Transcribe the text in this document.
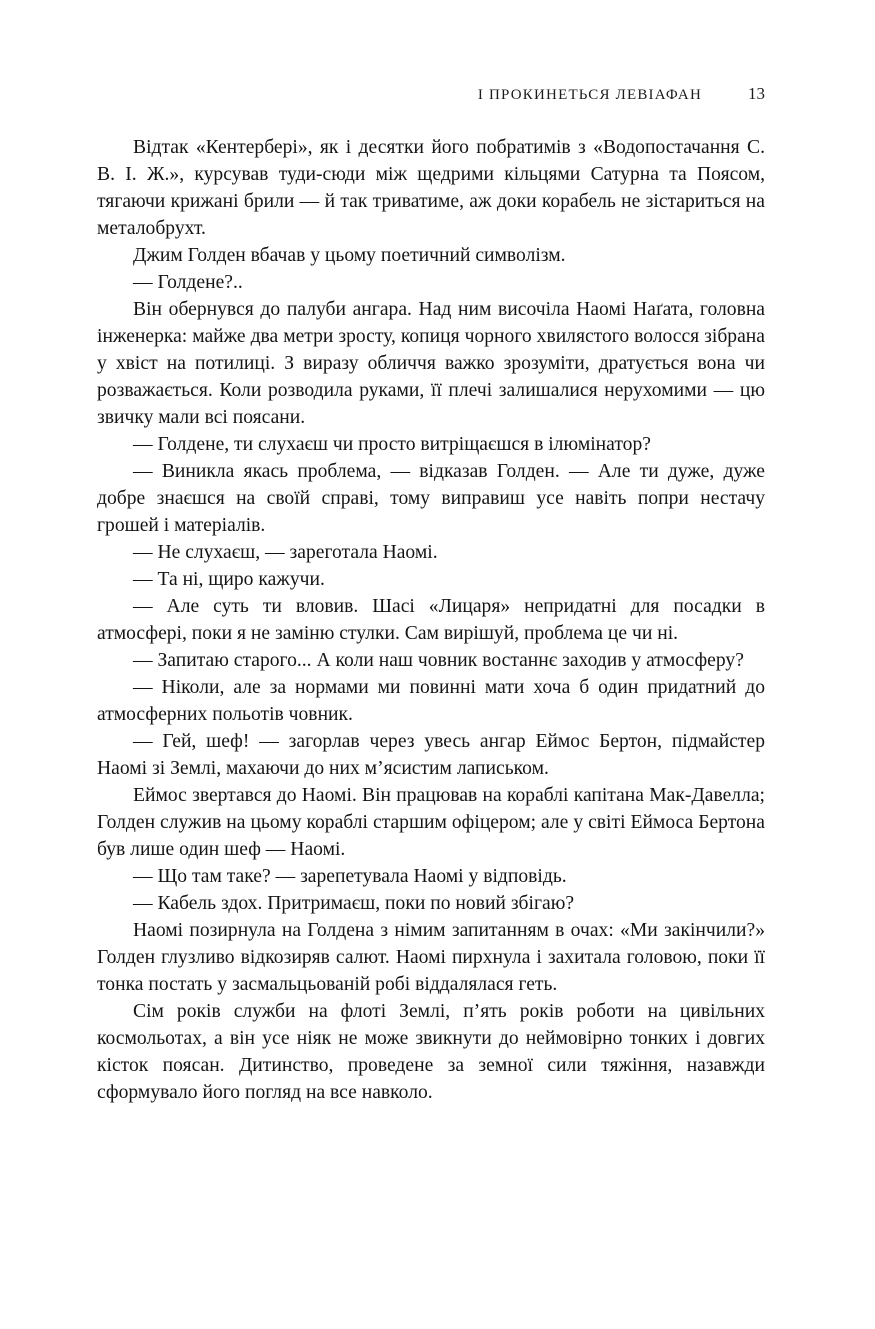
І ПРОКИНЕТЬСЯ ЛЕВІАФАН	13

Відтак «Кентербері», як і десятки його побратимів з «Водопостачання С. В. І. Ж.», курсував туди-сюди між щедрими кільцями Сатурна та Поясом, тягаючи крижані брили — й так триватиме, аж доки корабель не зістариться на металобрухт.

Джим Голден вбачав у цьому поетичний символізм.

— Голдене?..

Він обернувся до палуби ангара. Над ним височіла Наомі Наґата, головна інженерка: майже два метри зросту, копиця чорного хвилястого волосся зібрана у хвіст на потилиці. З виразу обличчя важко зрозуміти, дратується вона чи розважається. Коли розводила руками, її плечі залишалися нерухомими — цю звичку мали всі поясани.

— Голдене, ти слухаєш чи просто витріщаєшся в ілюмінатор?

— Виникла якась проблема, — відказав Голден. — Але ти дуже, дуже добре знаєшся на своїй справі, тому виправиш усе навіть попри нестачу грошей і матеріалів.

— Не слухаєш, — зареготала Наомі.

— Та ні, щиро кажучи.

— Але суть ти вловив. Шасі «Лицаря» непридатні для посадки в атмосфері, поки я не заміню стулки. Сам вирішуй, проблема це чи ні.

— Запитаю старого... А коли наш човник востаннє заходив у атмосферу?

— Ніколи, але за нормами ми повинні мати хоча б один придатний до атмосферних польотів човник.

— Гей, шеф! — загорлав через увесь ангар Еймос Бертон, підмайстер Наомі зі Землі, махаючи до них м’ясистим лаписьком.

Еймос звертався до Наомі. Він працював на кораблі капітана Мак-Давелла; Голден служив на цьому кораблі старшим офіцером; але у світі Еймоса Бертона був лише один шеф — Наомі.

— Що там таке? — зарепетувала Наомі у відповідь.

— Кабель здох. Притримаєш, поки по новий збігаю?

Наомі позирнула на Голдена з німим запитанням в очах: «Ми закінчили?» Голден глузливо відкозиряв салют. Наомі пирхнула і захитала головою, поки її тонка постать у засмальцьованій робі віддалялася геть.

Сім років служби на флоті Землі, п’ять років роботи на цивільних космольотах, а він усе ніяк не може звикнути до неймовірно тонких і довгих кісток поясан. Дитинство, проведене за земної сили тяжіння, назавжди сформувало його погляд на все навколо.
